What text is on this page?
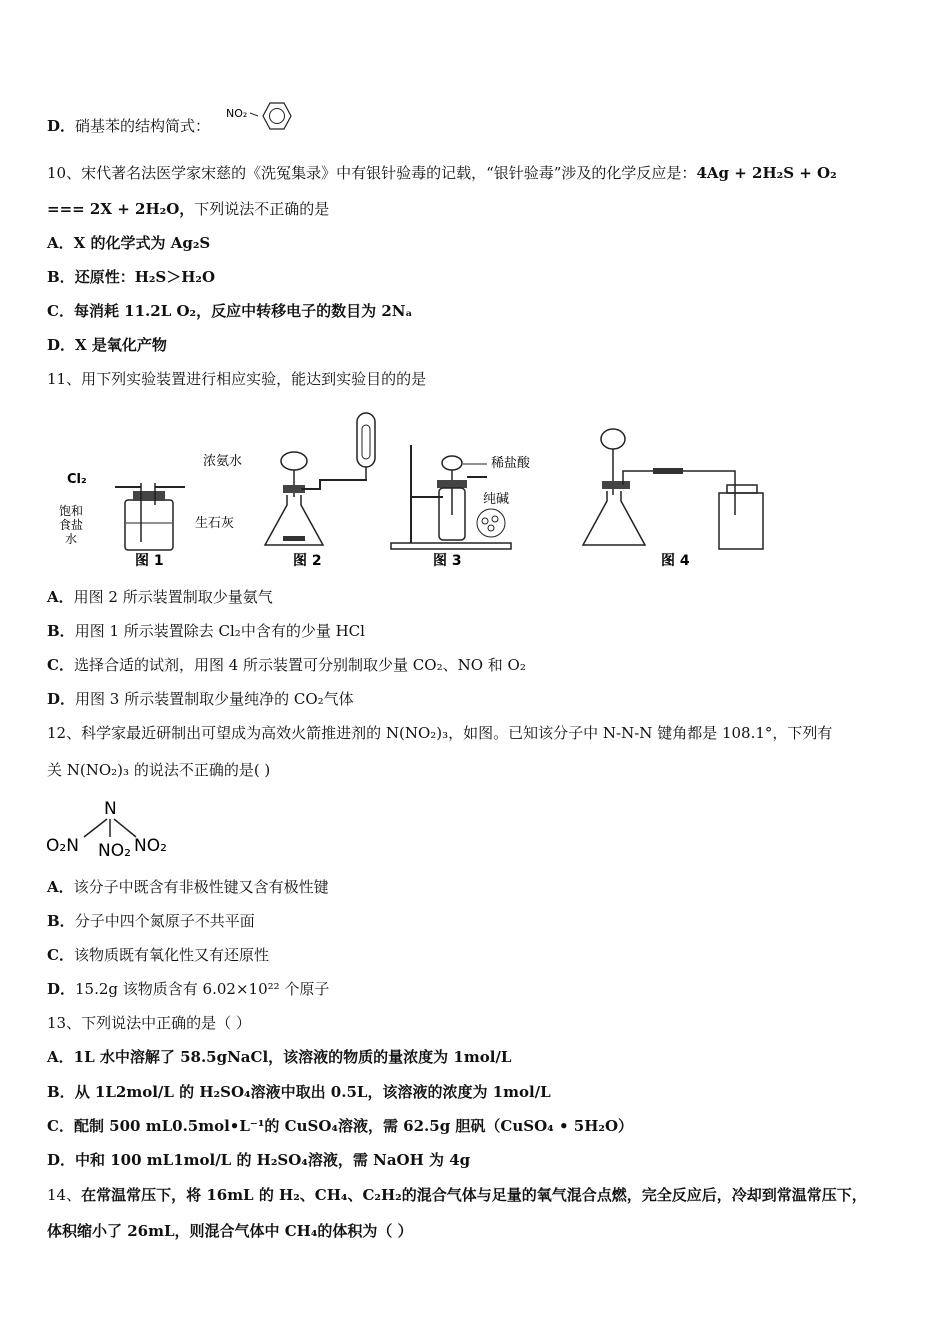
D．硝基苯的结构简式：
NO₂
10、宋代著名法医学家宋慈的《洗冤集录》中有银针验毒的记载，“银针验毒”涉及的化学反应是：4Ag + 2H₂S + O₂
=== 2X + 2H₂O，下列说法不正确的是
A．X 的化学式为 Ag₂S
B．还原性：H₂S＞H₂O
C．每消耗 11.2L O₂，反应中转移电子的数目为 2Nₐ
D．X 是氧化产物
11、用下列实验装置进行相应实验，能达到实验目的的是
Cl₂
饱和
食盐
水
图 1
浓氨水
生石灰
图 2
稀盐酸
纯碱
图 3	图 4
A．用图 2 所示装置制取少量氨气
B．用图 1 所示装置除去 Cl₂中含有的少量 HCl
C．选择合适的试剂，用图 4 所示装置可分别制取少量 CO₂、NO 和 O₂
D．用图 3 所示装置制取少量纯净的 CO₂气体
12、科学家最近研制出可望成为高效火箭推进剂的 N(NO₂)₃，如图。已知该分子中 N-N-N 键角都是 108.1°，下列有
关 N(NO₂)₃ 的说法不正确的是( )
N
O₂N NO₂ NO₂
A．该分子中既含有非极性键又含有极性键
B．分子中四个氮原子不共平面
C．该物质既有氧化性又有还原性
D．15.2g 该物质含有 6.02×10²² 个原子
13、下列说法中正确的是（ ）
A．1L 水中溶解了 58.5gNaCl，该溶液的物质的量浓度为 1mol/L
B．从 1L2mol/L 的 H₂SO₄溶液中取出 0.5L，该溶液的浓度为 1mol/L
C．配制 500 mL0.5mol•L⁻¹的 CuSO₄溶液，需 62.5g 胆矾（CuSO₄ • 5H₂O）
D．中和 100 mL1mol/L 的 H₂SO₄溶液，需 NaOH 为 4g
14、在常温常压下，将 16mL 的 H₂、CH₄、C₂H₂的混合气体与足量的氧气混合点燃，完全反应后，冷却到常温常压下，
体积缩小了 26mL，则混合气体中 CH₄的体积为（ ）
